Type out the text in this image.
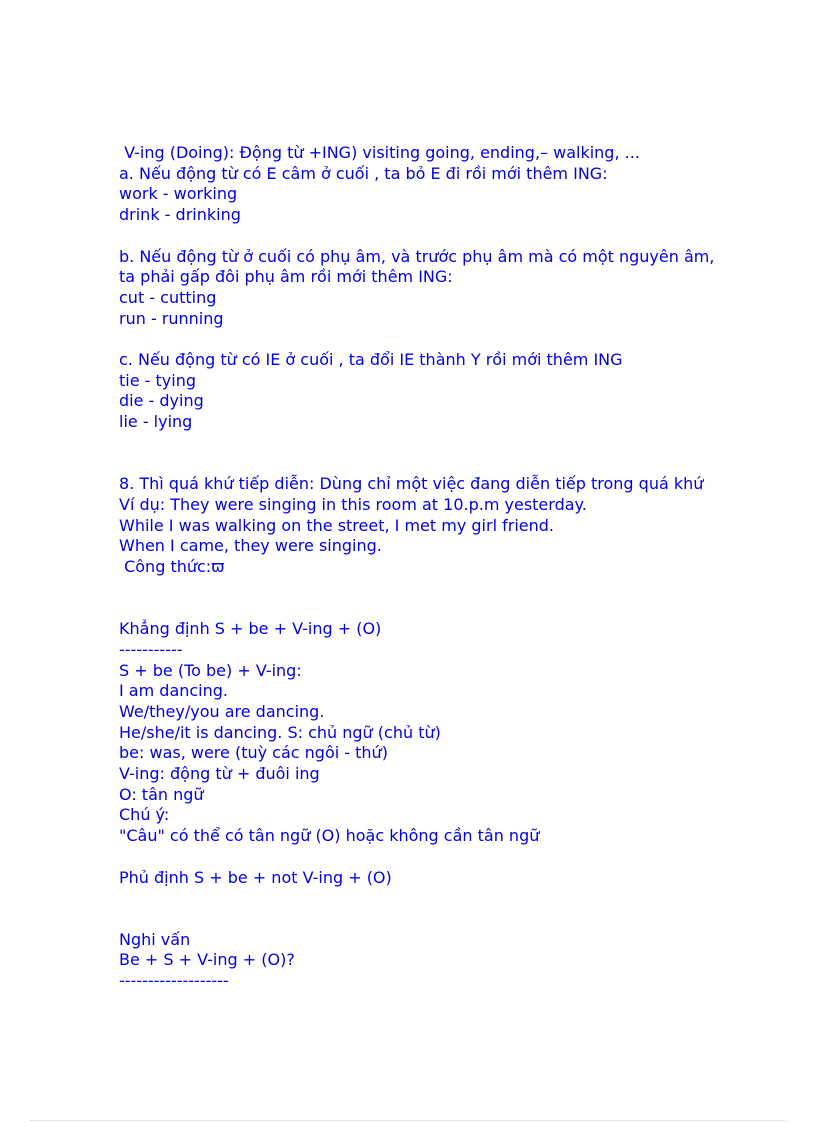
V-ing (Doing): Động từ +ING) visiting going, ending,– walking, ...
a. Nếu động từ có E câm ở cuối , ta bỏ E đi rồi mới thêm ING:
work - working
drink - drinking
b. Nếu động từ ở cuối có phụ âm, và trước phụ âm mà có một nguyên âm, ta phải gấp đôi phụ âm rồi mới thêm ING:
cut - cutting
run - running
c. Nếu động từ có IE ở cuối , ta đổi IE thành Y rồi mới thêm ING
tie - tying
die - dying
lie - lying
8. Thì quá khứ tiếp diễn: Dùng chỉ một việc đang diễn tiếp trong quá khứ
Ví dụ: They were singing in this room at 10.p.m yesterday.
While I was walking on the street, I met my girl friend.
When I came, they were singing.
Công thức:ϖ
Khẳng định S + be + V-ing + (O)
-----------
S + be (To be) + V-ing:
I am dancing.
We/they/you are dancing.
He/she/it is dancing. S: chủ ngữ (chủ từ)
be: was, were (tuỳ các ngôi - thứ)
V-ing: động từ + đuôi ing
O: tân ngữ
Chú ý:
"Câu" có thể có tân ngữ (O) hoặc không cần tân ngữ
Phủ định S + be + not V-ing + (O)
Nghi vấn
Be + S + V-ing + (O)?
-------------------
